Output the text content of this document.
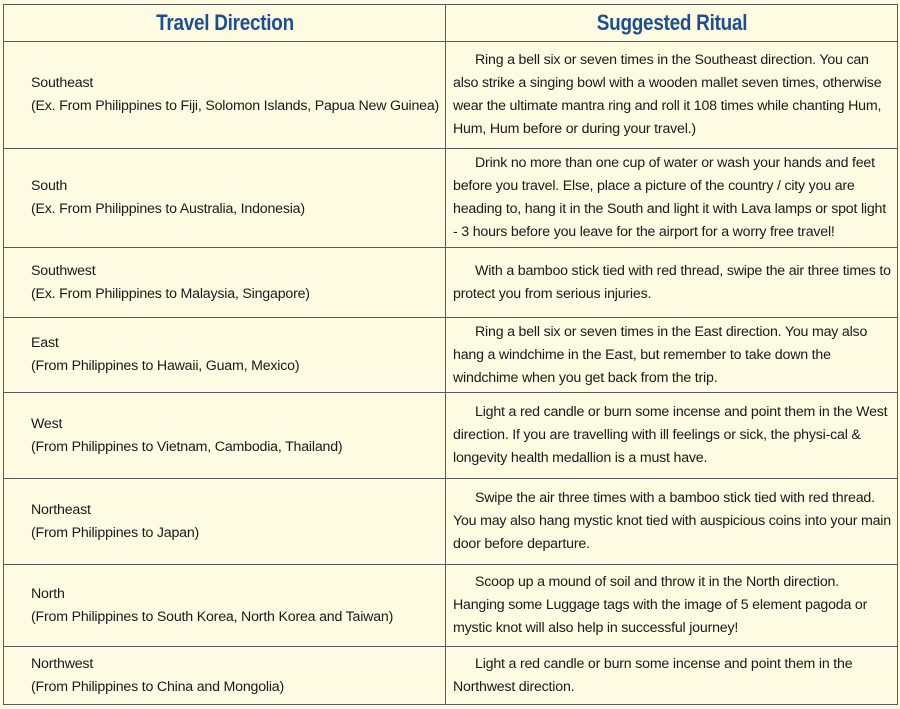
Travel Direction	Suggested Ritual

Southeast
(Ex. From Philippines to Fiji, Solomon Islands, Papua New Guinea)	Ring a bell six or seven times in the Southeast direction. You can also strike a singing bowl with a wooden mallet seven times, otherwise wear the ultimate mantra ring and roll it 108 times while chanting Hum, Hum, Hum before or during your travel.)

South
(Ex. From Philippines to Australia, Indonesia)	Drink no more than one cup of water or wash your hands and feet before you travel. Else, place a picture of the country / city you are heading to, hang it in the South and light it with Lava lamps or spot light - 3 hours before you leave for the airport for a worry free travel!

Southwest
(Ex. From Philippines to Malaysia, Singapore)	With a bamboo stick tied with red thread, swipe the air three times to protect you from serious injuries.

East
(From Philippines to Hawaii, Guam, Mexico)	Ring a bell six or seven times in the East direction. You may also hang a windchime in the East, but remember to take down the windchime when you get back from the trip.

West
(From Philippines to Vietnam, Cambodia, Thailand)	Light a red candle or burn some incense and point them in the West direction. If you are travelling with ill feelings or sick, the physi-cal & longevity health medallion is a must have.

Northeast
(From Philippines to Japan)	Swipe the air three times with a bamboo stick tied with red thread. You may also hang mystic knot tied with auspicious coins into your main door before departure.

North
(From Philippines to South Korea, North Korea and Taiwan)	Scoop up a mound of soil and throw it in the North direction. Hanging some Luggage tags with the image of 5 element pagoda or mystic knot will also help in successful journey!

Northwest
(From Philippines to China and Mongolia)	Light a red candle or burn some incense and point them in the Northwest direction.
